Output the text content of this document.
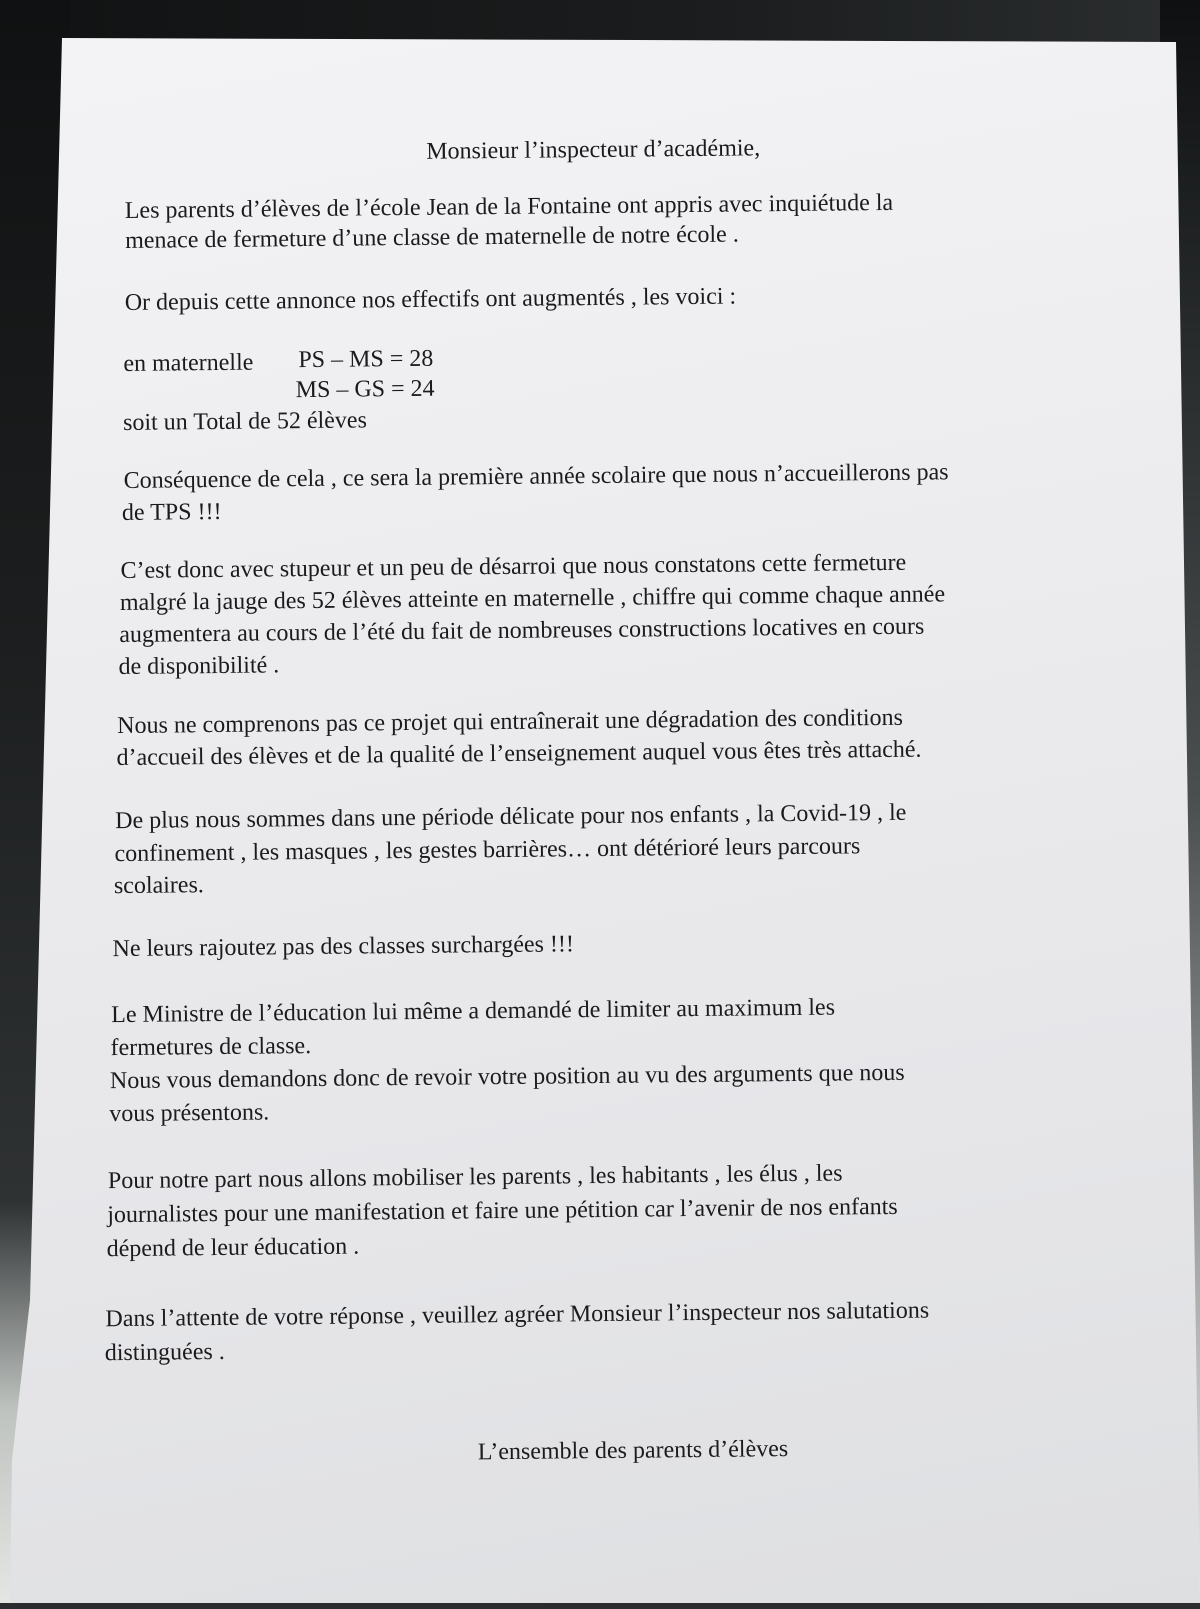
Monsieur l’inspecteur d’académie,

Les parents d’élèves de l’école Jean de la Fontaine ont appris avec inquiétude la

menace de fermeture d’une classe de maternelle de notre école .

Or depuis cette annonce nos effectifs ont augmentés , les voici :

en maternelle PS – MS = 28

MS – GS = 24

soit un Total de 52 élèves

Conséquence de cela , ce sera la première année scolaire que nous n’accueillerons pas

de TPS !!!

C’est donc avec stupeur et un peu de désarroi que nous constatons cette fermeture

malgré la jauge des 52 élèves atteinte en maternelle , chiffre qui comme chaque année

augmentera au cours de l’été du fait de nombreuses constructions locatives en cours

de disponibilité .

Nous ne comprenons pas ce projet qui entraînerait une dégradation des conditions

d’accueil des élèves et de la qualité de l’enseignement auquel vous êtes très attaché.

De plus nous sommes dans une période délicate pour nos enfants , la Covid-19 , le

confinement , les masques , les gestes barrières… ont détérioré leurs parcours

scolaires.

Ne leurs rajoutez pas des classes surchargées !!!

Le Ministre de l’éducation lui même a demandé de limiter au maximum les

fermetures de classe.

Nous vous demandons donc de revoir votre position au vu des arguments que nous

vous présentons.

Pour notre part nous allons mobiliser les parents , les habitants , les élus , les

journalistes pour une manifestation et faire une pétition car l’avenir de nos enfants

dépend de leur éducation .

Dans l’attente de votre réponse , veuillez agréer Monsieur l’inspecteur nos salutations

distinguées .

L’ensemble des parents d’élèves
